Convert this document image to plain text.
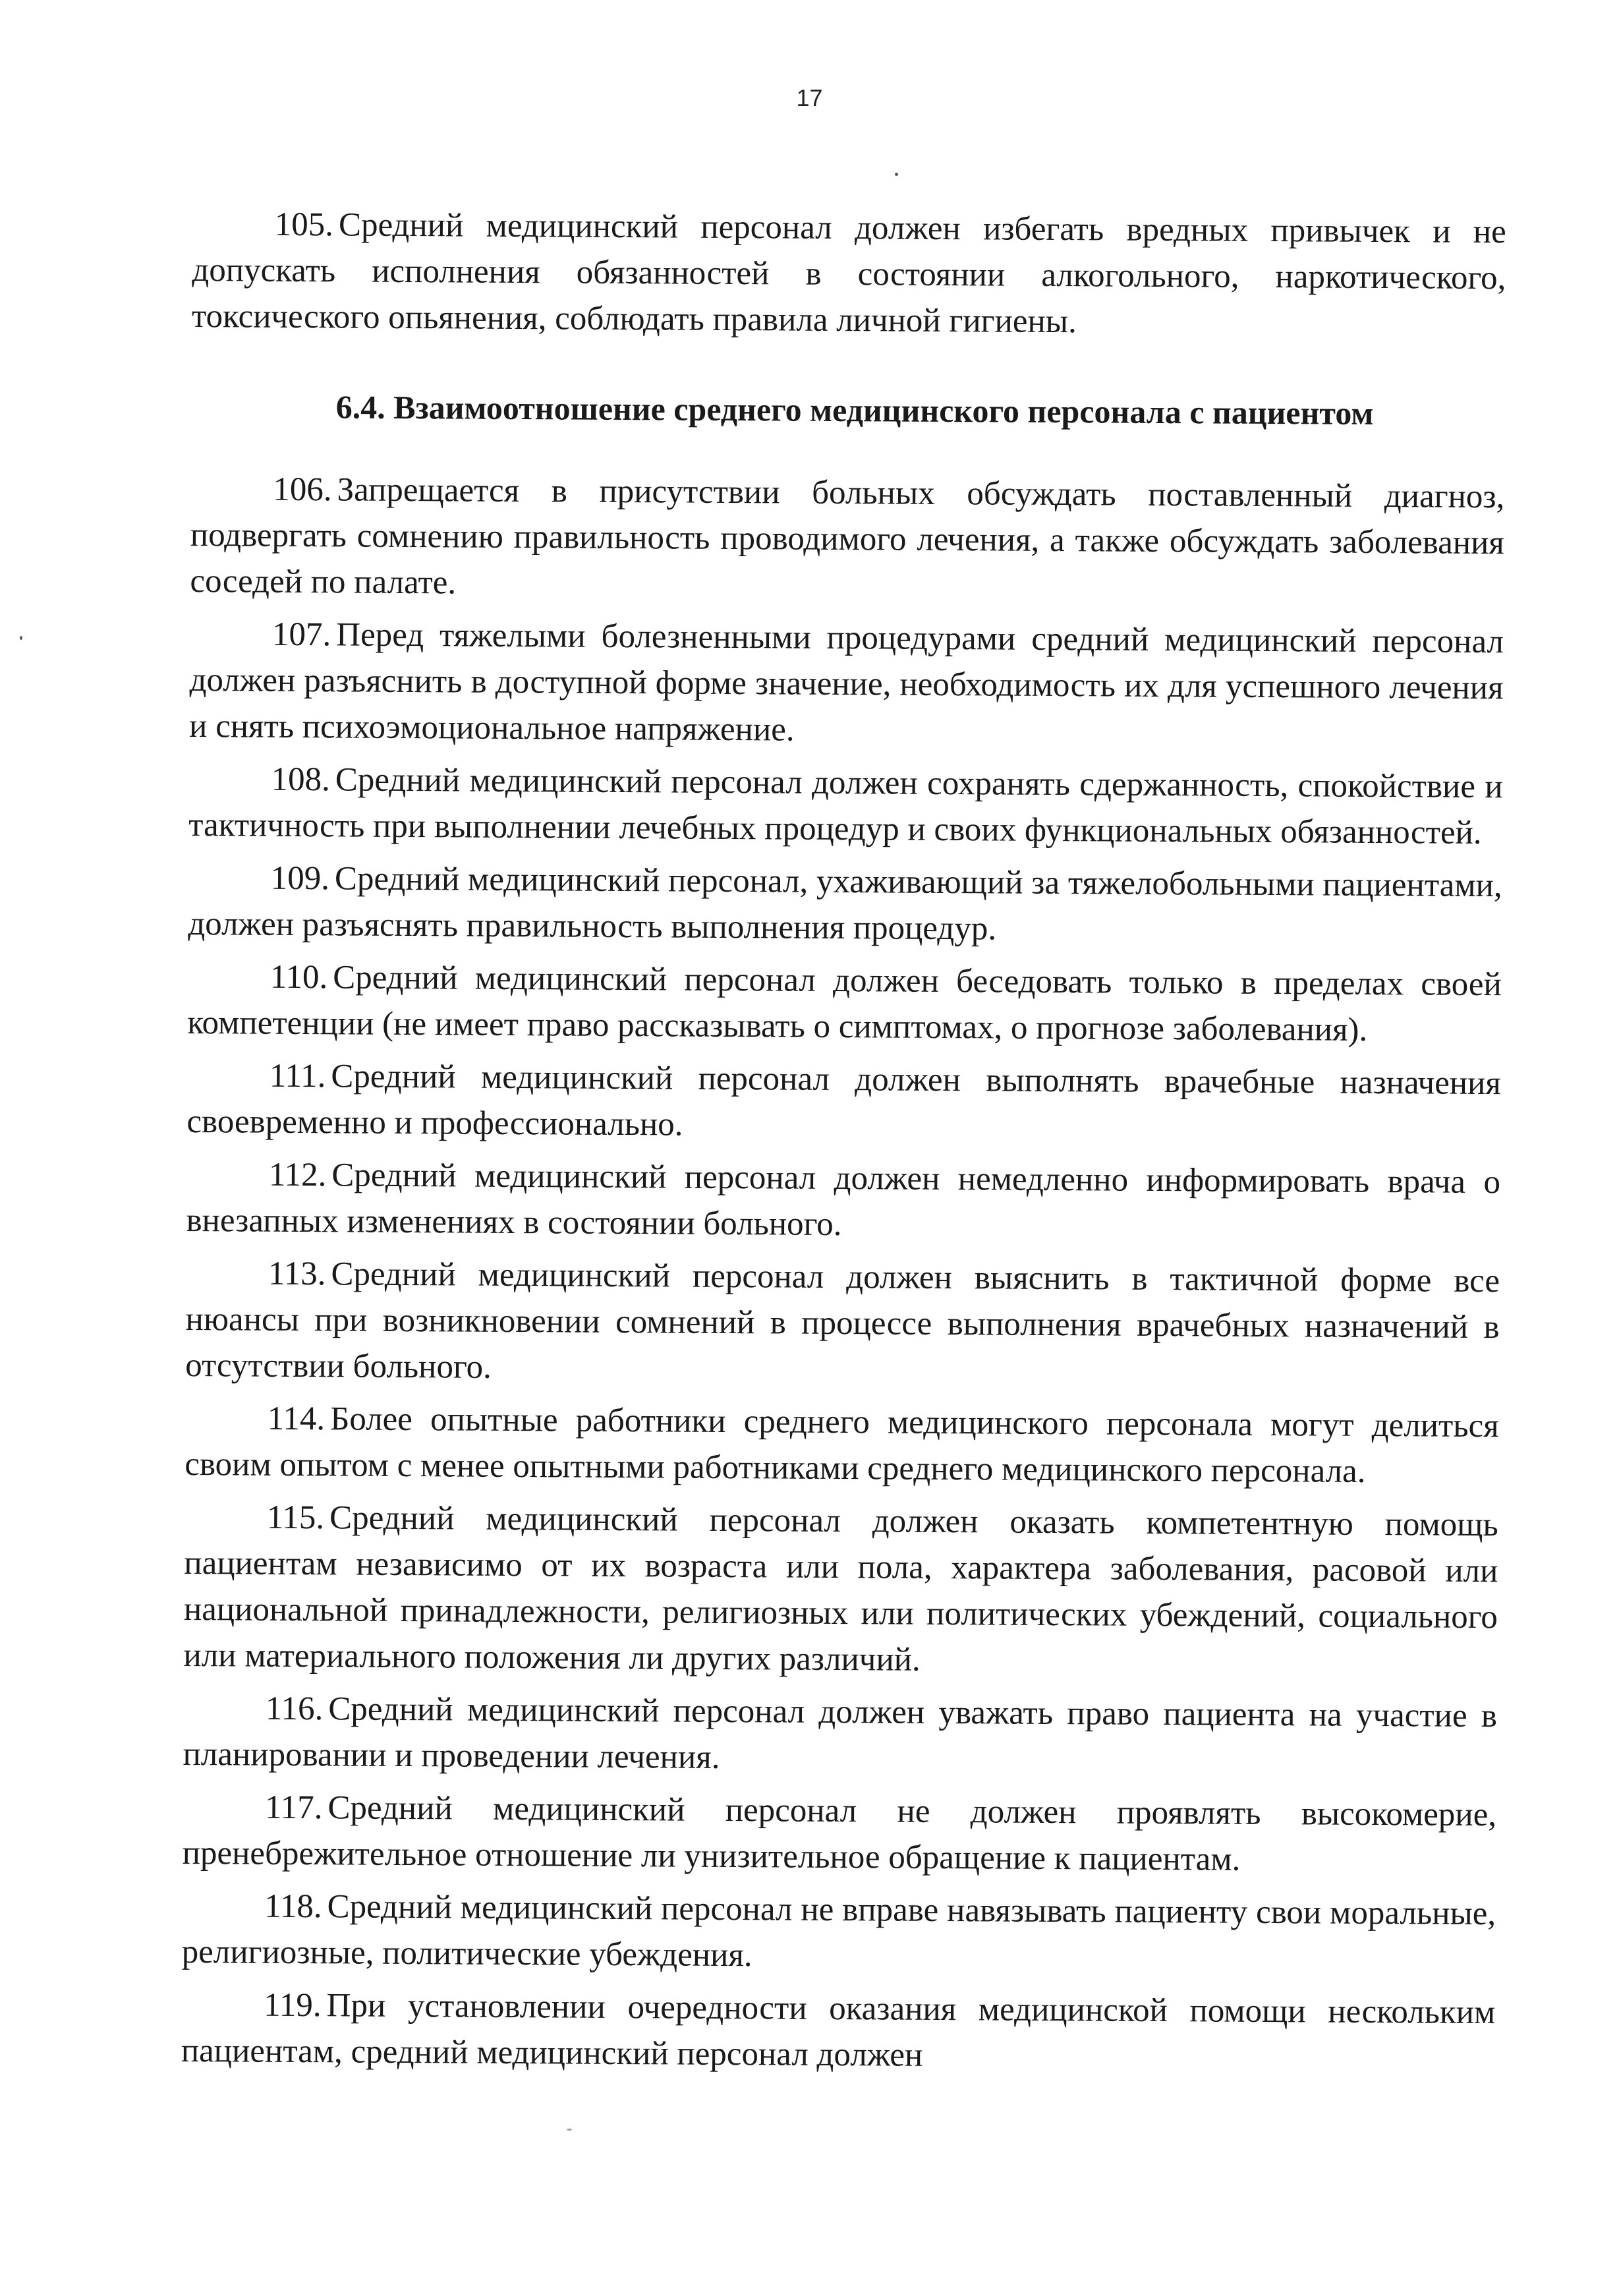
17

105. Средний медицинский персонал должен избегать вредных привычек и не допускать исполнения обязанностей в состоянии алкогольного, наркотического, токсического опьянения, соблюдать правила личной гигиены.

6.4. Взаимоотношение среднего медицинского персонала с пациентом

106. Запрещается в присутствии больных обсуждать поставленный диагноз, подвергать сомнению правильность проводимого лечения, а также обсуждать заболевания соседей по палате.

107. Перед тяжелыми болезненными процедурами средний медицинский персонал должен разъяснить в доступной форме значение, необходимость их для успешного лечения и снять психоэмоциональное напряжение.

108. Средний медицинский персонал должен сохранять сдержанность, спокойствие и тактичность при выполнении лечебных процедур и своих функциональных обязанностей.

109. Средний медицинский персонал, ухаживающий за тяжелобольными пациентами, должен разъяснять правильность выполнения процедур.

110. Средний медицинский персонал должен беседовать только в пределах своей компетенции (не имеет право рассказывать о симптомах, о прогнозе заболевания).

111. Средний медицинский персонал должен выполнять врачебные назначения своевременно и профессионально.

112. Средний медицинский персонал должен немедленно информировать врача о внезапных изменениях в состоянии больного.

113. Средний медицинский персонал должен выяснить в тактичной форме все нюансы при возникновении сомнений в процессе выполнения врачебных назначений в отсутствии больного.

114. Более опытные работники среднего медицинского персонала могут делиться своим опытом с менее опытными работниками среднего медицинского персонала.

115. Средний медицинский персонал должен оказать компетентную помощь пациентам независимо от их возраста или пола, характера заболевания, расовой или национальной принадлежности, религиозных или политических убеждений, социального или материального положения ли других различий.

116. Средний медицинский персонал должен уважать право пациента на участие в планировании и проведении лечения.

117. Средний медицинский персонал не должен проявлять высокомерие, пренебрежительное отношение ли унизительное обращение к пациентам.

118. Средний медицинский персонал не вправе навязывать пациенту свои моральные, религиозные, политические убеждения.

119. При установлении очередности оказания медицинской помощи нескольким пациентам, средний медицинский персонал должен
